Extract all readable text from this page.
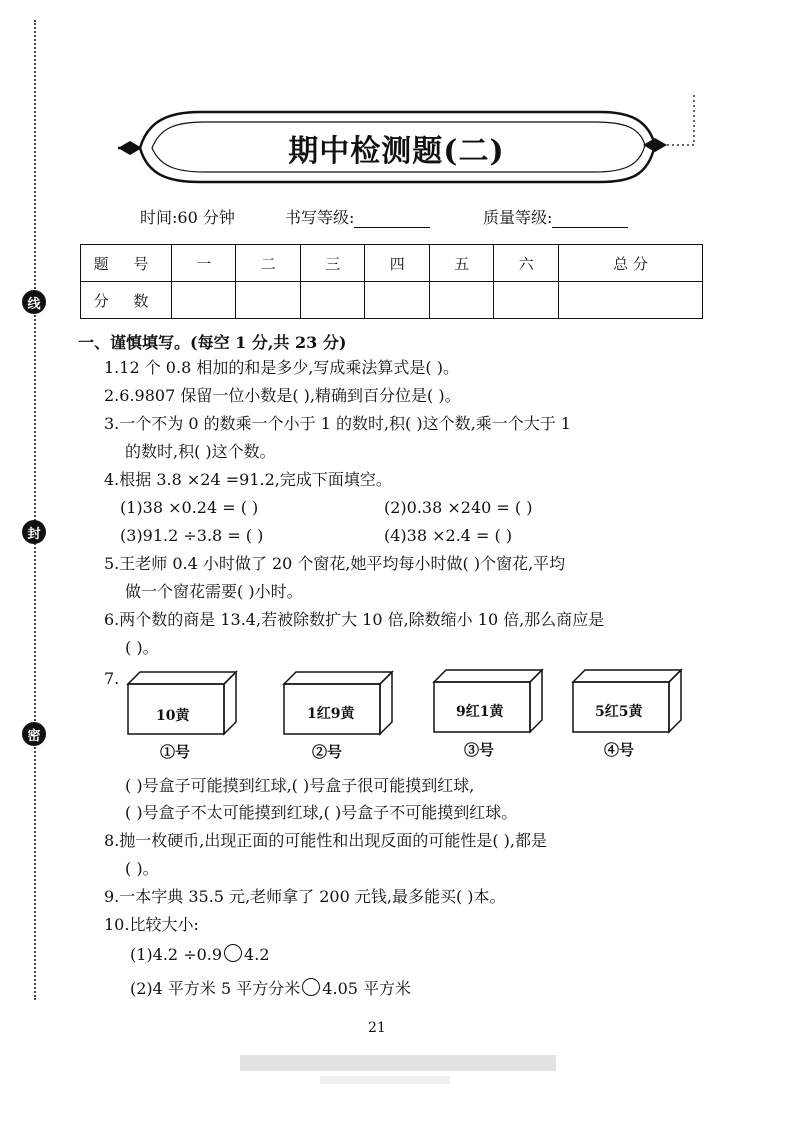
线
封
密
期中检测题(二)
时间:60 分钟	书写等级:	质量等级:
题 号	一	二	三	四	五	六	总 分
分 数							
一、谨慎填写。(每空 1 分,共 23 分)
1.12 个 0.8 相加的和是多少,写成乘法算式是( )。
2.6.9807 保留一位小数是( ),精确到百分位是( )。
3.一个不为 0 的数乘一个小于 1 的数时,积( )这个数,乘一个大于 1
的数时,积( )这个数。
4.根据 3.8 ×24 =91.2,完成下面填空。
(1)38 ×0.24 = ( )	(2)0.38 ×240 = ( )
(3)91.2 ÷3.8 = ( )	(4)38 ×2.4 = ( )
5.王老师 0.4 小时做了 20 个窗花,她平均每小时做( )个窗花,平均
做一个窗花需要( )小时。
6.两个数的商是 13.4,若被除数扩大 10 倍,除数缩小 10 倍,那么商应是
( )。
7.
10黄
①号
1红9黄
②号
9红1黄
③号
5红5黄
④号
( )号盒子可能摸到红球,( )号盒子很可能摸到红球,
( )号盒子不太可能摸到红球,( )号盒子不可能摸到红球。
8.抛一枚硬币,出现正面的可能性和出现反面的可能性是( ),都是
( )。
9.一本字典 35.5 元,老师拿了 200 元钱,最多能买( )本。
10.比较大小:
(1)4.2 ÷0.9 4.2
(2)4 平方米 5 平方分米 4.05 平方米
21
